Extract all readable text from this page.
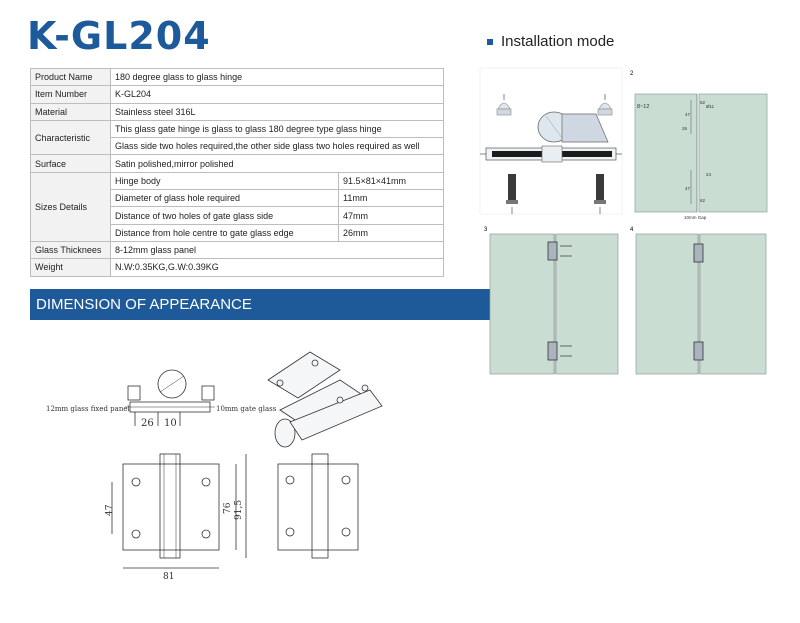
K-GL204	Installation mode
Product Name	180 degree glass to glass hinge	
Item Number	K-GL204	
Material	Stainless steel 316L	
Characteristic	This glass gate hinge is glass to glass 180 degree type glass hinge	
	Glass side two holes required,the other side glass two holes required as well	
Surface	Satin polished,mirror polished	
Sizes Details	Hinge body	91.5×81×41mm
	Diameter of glass hole required	11mm
	Distance of two holes of gate glass side	47mm
	Distance from hole centre to gate glass edge	26mm
Glass Thicknees	8-12mm glass panel	
Weight	N.W:0.35KG,G.W:0.39KG	
DIMENSION OF APPEARANCE
2
8~12
47
62
Ø11
26
24
47
62
10mm Gap
3	4
12mm glass fixed panel	10mm gate glass
26 10
47	76 91,5
81
